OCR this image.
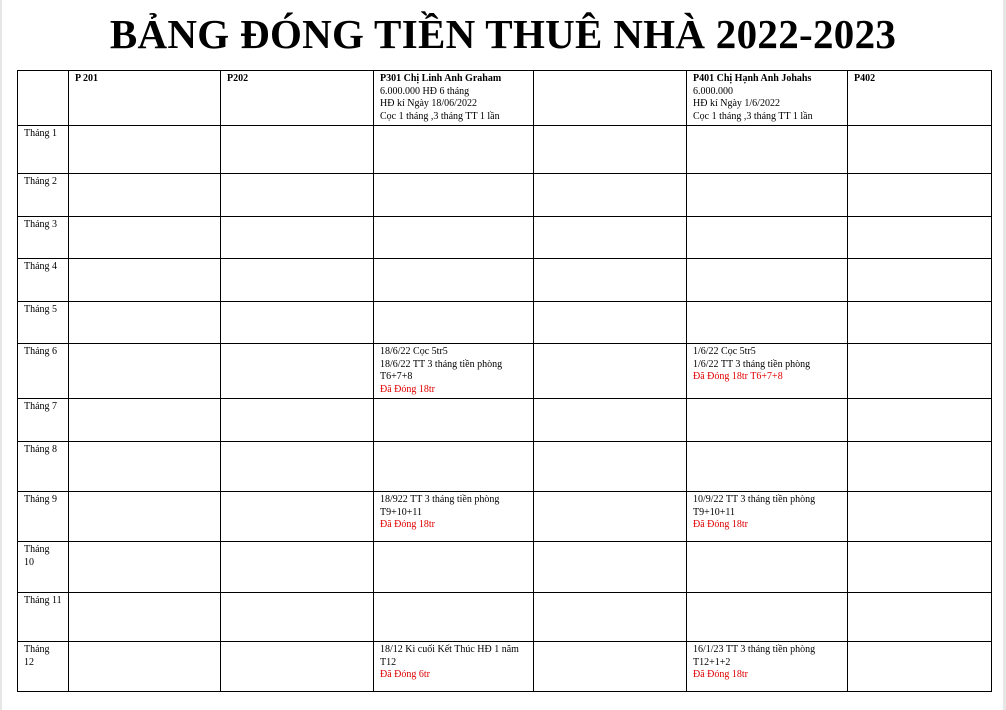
BẢNG ĐÓNG TIỀN THUÊ NHÀ 2022-2023

	P 201	P202	P301 Chị Linh Anh Graham
6.000.000 HĐ 6 tháng
HĐ kí Ngày 18/06/2022
Cọc 1 tháng ,3 tháng TT 1 lần		P401 Chị Hạnh Anh Johahs
6.000.000
HĐ kí Ngày 1/6/2022
Cọc 1 tháng ,3 tháng TT 1 lần	P402

Tháng 1						
Tháng 2						
Tháng 3						
Tháng 4						
Tháng 5						
Tháng 6			18/6/22 Cọc 5tr5
18/6/22 TT 3 tháng tiền phòng
T6+7+8
Đã Đóng 18tr		1/6/22 Cọc 5tr5
1/6/22 TT 3 tháng tiền phòng
Đã Đóng 18tr T6+7+8	

Tháng 7						
Tháng 8						
Tháng 9			18/922 TT 3 tháng tiền phòng
T9+10+11
Đã Đóng 18tr		10/9/22 TT 3 tháng tiền phòng
T9+10+11
Đã Đóng 18tr	

Tháng 10						
Tháng 11						
Tháng 12			18/12 Kì cuối Kết Thúc HĐ 1 năm T12
Đã Đóng 6tr		16/1/23 TT 3 tháng tiền phòng
T12+1+2
Đã Đóng 18tr	
